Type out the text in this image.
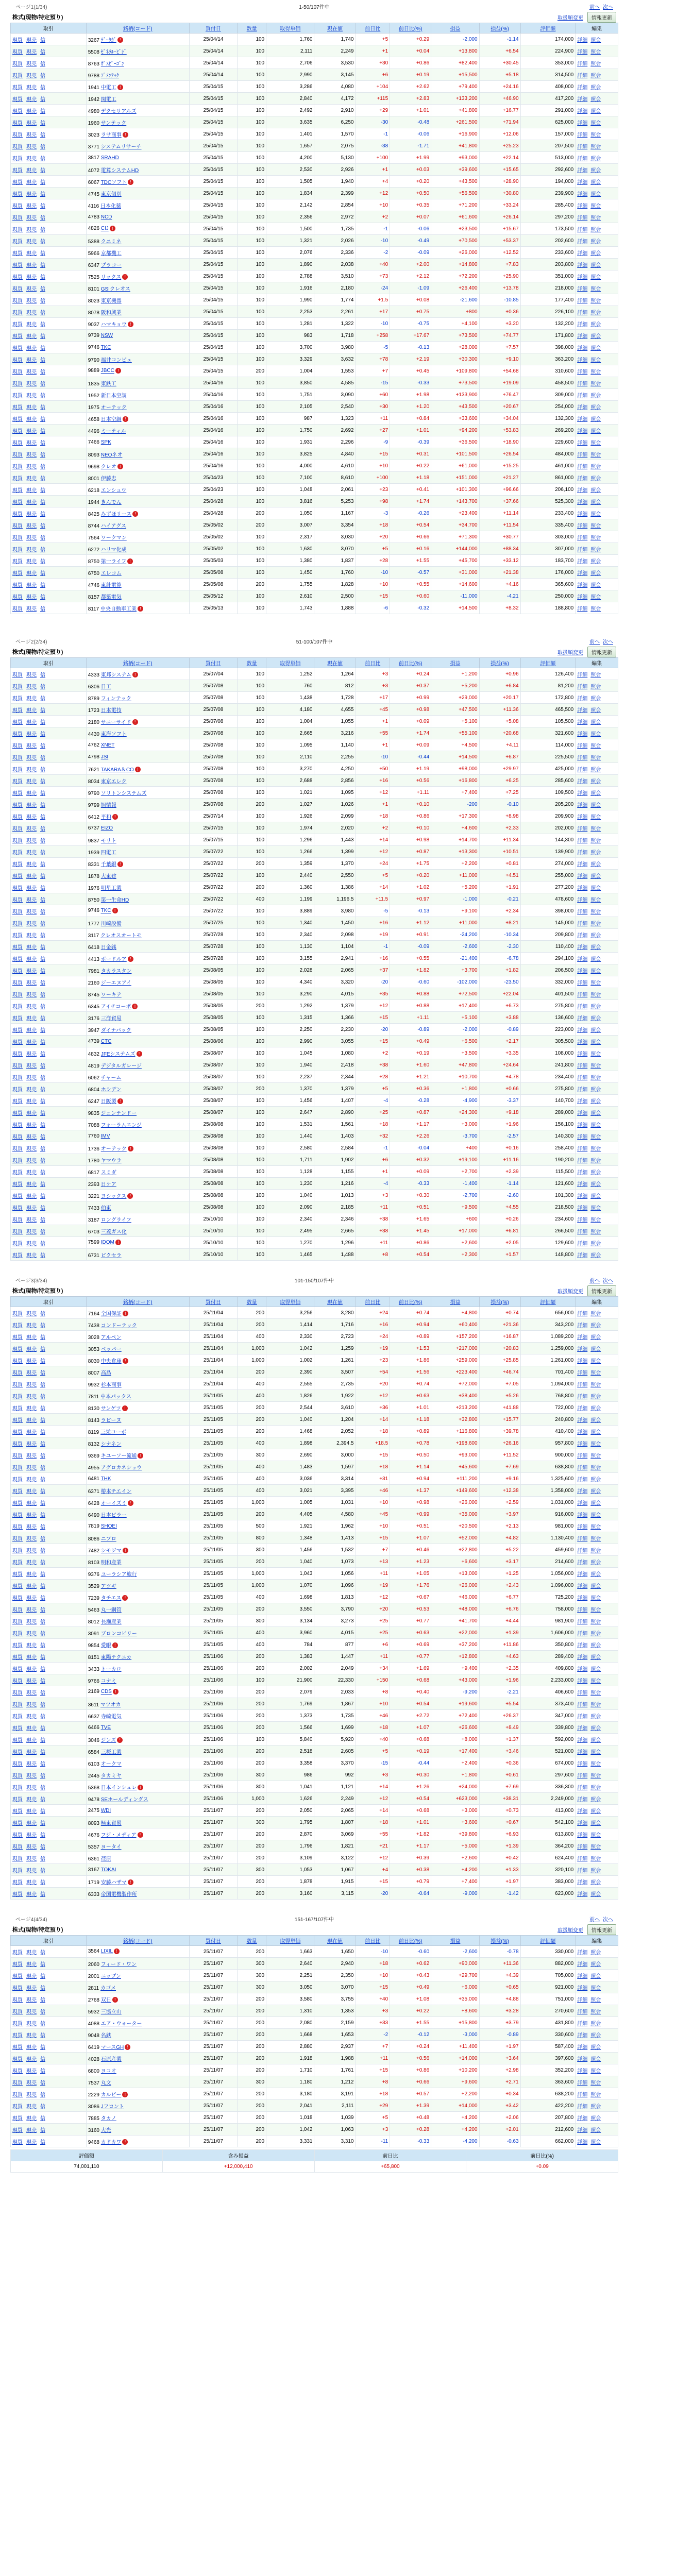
ページ1(1/34)	1-50/107件中	前へ 次へ
株式(現物/特定預り)	取扱順変更	情報更新
取引	銘柄(コード)	買付日	数量	取得単価	現在値	前日比	前日比(%)	損益	損益(%)	評価額	編集
現買 現売 信	3267 ﾃﾞｰﾀｶﾞ !	25/04/14	100	1,760	1,740	+5	+0.29	-2,000	-1.14	174,000	詳細 照会
現買 現売 信	5508 ｾﾞﾈﾗﾙ･ﾋﾞｼﾞ	25/04/14	100	2,111	2,249	+1	+0.04	+13,800	+6.54	224,900	詳細 照会
現買 現売 信	8763 ｶﾞｽﾋﾟｰｺﾞﾝ	25/04/14	100	2,706	3,530	+30	+0.86	+82,400	+30.45	353,000	詳細 照会
現買 現売 信	9788 ﾌﾟﾒﾝﾃｯｸ	25/04/14	100	2,990	3,145	+6	+0.19	+15,500	+5.18	314,500	詳細 照会
現買 現売 信	1941 中電工 !	25/04/15	100	3,286	4,080	+104	+2.62	+79,400	+24.16	408,000	詳細 照会
現買 現売 信	1942 関電工	25/04/15	100	2,840	4,172	+115	+2.83	+133,200	+46.90	417,200	詳細 照会
現買 現売 信	4980 デクセリアルズ	25/04/15	100	2,492	2,910	+29	+1.01	+41,800	+16.77	291,000	詳細 照会
現買 現売 信	1960 サンテック	25/04/15	100	3,635	6,250	-30	-0.48	+261,500	+71.94	625,000	詳細 照会
現買 現売 信	3023 ラサ商事 !	25/04/15	100	1,401	1,570	-1	-0.06	+16,900	+12.06	157,000	詳細 照会
現買 現売 信	3771 システムリサーチ	25/04/15	100	1,657	2,075	-38	-1.71	+41,800	+25.23	207,500	詳細 照会
現買 現売 信	3817 SRAHD	25/04/15	100	4,200	5,130	+100	+1.99	+93,000	+22.14	513,000	詳細 照会
現買 現売 信	4072 電算システムHD	25/04/15	100	2,530	2,926	+1	+0.03	+39,600	+15.65	292,600	詳細 照会
現買 現売 信	6067 TDCソフト !	25/04/15	100	1,505	1,940	+4	+0.20	+43,500	+28.90	194,000	詳細 照会
現買 現売 信	4745 東京個別	25/04/15	100	1,834	2,399	+12	+0.50	+56,500	+30.80	239,900	詳細 照会
現買 現売 信	4116 日本化薬	25/04/15	100	2,142	2,854	+10	+0.35	+71,200	+33.24	285,400	詳細 照会
現買 現売 信	4783 NCD	25/04/15	100	2,356	2,972	+2	+0.07	+61,600	+26.14	297,200	詳細 照会
現買 現売 信	4826 CIJ !	25/04/15	100	1,500	1,735	-1	-0.06	+23,500	+15.67	173,500	詳細 照会
現買 現売 信	5388 クニミネ	25/04/15	100	1,321	2,026	-10	-0.49	+70,500	+53.37	202,600	詳細 照会
現買 現売 信	5966 京都機工	25/04/15	100	2,076	2,336	-2	-0.09	+26,000	+12.52	233,600	詳細 照会
現買 現売 信	6347 プラコー	25/04/15	100	1,890	2,038	+40	+2.00	+14,800	+7.83	203,800	詳細 照会
現買 現売 信	7525 リックス !	25/04/15	100	2,788	3,510	+73	+2.12	+72,200	+25.90	351,000	詳細 照会
現買 現売 信	8101 GSIクレオス	25/04/15	100	1,916	2,180	-24	-1.09	+26,400	+13.78	218,000	詳細 照会
現買 現売 信	8023 東京機器	25/04/15	100	1,990	1,774	+1.5	+0.08	-21,600	-10.85	177,400	詳細 照会
現買 現売 信	8078 阪和興業	25/04/15	100	2,253	2,261	+17	+0.75	+800	+0.36	226,100	詳細 照会
現買 現売 信	9037 ハマキョウ !	25/04/15	100	1,281	1,322	-10	-0.75	+4,100	+3.20	132,200	詳細 照会
現買 現売 信	9739 NSW	25/04/15	100	983	1,718	+258	+17.67	+73,500	+74.77	171,800	詳細 照会
現買 現売 信	9746 TKC	25/04/15	100	3,700	3,980	-5	-0.13	+28,000	+7.57	398,000	詳細 照会
現買 現売 信	9790 福井コンピュ	25/04/15	100	3,329	3,632	+78	+2.19	+30,300	+9.10	363,200	詳細 照会
現買 現売 信	9889 JBCC !	25/04/15	200	1,004	1,553	+7	+0.45	+109,800	+54.68	310,600	詳細 照会
現買 現売 信	1835 東鉄工	25/04/16	100	3,850	4,585	-15	-0.33	+73,500	+19.09	458,500	詳細 照会
現買 現売 信	1952 新日本空調	25/04/16	100	1,751	3,090	+60	+1.98	+133,900	+76.47	309,000	詳細 照会
現買 現売 信	1975 オーテック	25/04/16	100	2,105	2,540	+30	+1.20	+43,500	+20.67	254,000	詳細 照会
現買 現売 信	4658 日本空調 !	25/04/16	100	987	1,323	+11	+0.84	+33,600	+34.04	132,300	詳細 照会
現買 現売 信	4496 ミーティル	25/04/16	100	1,750	2,692	+27	+1.01	+94,200	+53.83	269,200	詳細 照会
現買 現売 信	7466 SPK	25/04/16	100	1,931	2,296	-9	-0.39	+36,500	+18.90	229,600	詳細 照会
現買 現売 信	8093 NEOネオ	25/04/16	100	3,825	4,840	+15	+0.31	+101,500	+26.54	484,000	詳細 照会
現買 現売 信	9698 クレオ !	25/04/16	100	4,000	4,610	+10	+0.22	+61,000	+15.25	461,000	詳細 照会
現買 現売 信	8001 伊藤忠	25/04/23	100	7,100	8,610	+100	+1.18	+151,000	+21.27	861,000	詳細 照会
現買 現売 信	6218 エンシュウ	25/04/23	100	1,048	2,061	+23	+0.41	+101,300	+96.66	206,100	詳細 照会
現買 現売 信	1944 きんでん	25/04/28	100	3,816	5,253	+98	+1.74	+143,700	+37.66	525,300	詳細 照会
現買 現売 信	8425 みずほリース !	25/04/28	200	1,050	1,167	-3	-0.26	+23,400	+11.14	233,400	詳細 照会
現買 現売 信	8744 ハイアグス	25/05/02	200	3,007	3,354	+18	+0.54	+34,700	+11.54	335,400	詳細 照会
現買 現売 信	7564 ワークマン	25/05/02	100	2,317	3,030	+20	+0.66	+71,300	+30.77	303,000	詳細 照会
現買 現売 信	6272 ハリマ化成	25/05/02	100	1,630	3,070	+5	+0.16	+144,000	+88.34	307,000	詳細 照会
現買 現売 信	8750 第一ライフ !	25/05/03	100	1,380	1,837	+28	+1.55	+45,700	+33.12	183,700	詳細 照会
現買 現売 信	6750 エレコム	25/05/08	100	1,450	1,760	-10	-0.57	+31,000	+21.38	176,000	詳細 照会
現買 現売 信	4746 東計電算	25/05/08	200	1,755	1,828	+10	+0.55	+14,600	+4.16	365,600	詳細 照会
現買 現売 信	8157 都築電気	25/05/12	100	2,610	2,500	+15	+0.60	-11,000	-4.21	250,000	詳細 照会
現買 現売 信	8117 中央自動車工業 !	25/05/13	100	1,743	1,888	-6	-0.32	+14,500	+8.32	188,800	詳細 照会
ページ2(2/34)	51-100/107件中	前へ 次へ
株式(現物/特定預り)	取扱順変更	情報更新
取引	銘柄(コード)	買付日	数量	取得単価	現在値	前日比	前日比(%)	損益	損益(%)	評価額	編集
現買 現売 信	4333 東邦システム !	25/07/04	100	1,252	1,264	+3	+0.24	+1,200	+0.96	126,400	詳細 照会
現買 現売 信	6306 日工	25/07/08	100	760	812	+3	+0.37	+5,200	+6.84	81,200	詳細 照会
現買 現売 信	8789 フィンテック	25/07/08	100	1,438	1,728	+17	+0.99	+29,000	+20.17	172,800	詳細 照会
現買 現売 信	1723 日本電技	25/07/08	100	4,180	4,655	+45	+0.98	+47,500	+11.36	465,500	詳細 照会
現買 現売 信	2180 サニーサイド !	25/07/08	100	1,004	1,055	+1	+0.09	+5,100	+5.08	105,500	詳細 照会
現買 現売 信	4430 東海ソフト	25/07/08	100	2,665	3,216	+55	+1.74	+55,100	+20.68	321,600	詳細 照会
現買 現売 信	4762 XNET	25/07/08	100	1,095	1,140	+1	+0.09	+4,500	+4.11	114,000	詳細 照会
現買 現売 信	4798 JSI	25/07/08	100	2,110	2,255	-10	-0.44	+14,500	+6.87	225,500	詳細 照会
現買 現売 信	7621 TAKARA＆CO !	25/07/08	100	3,270	4,250	+50	+1.19	+98,000	+29.97	425,000	詳細 照会
現買 現売 信	8034 東京エレク	25/07/08	100	2,688	2,856	+16	+0.56	+16,800	+6.25	285,600	詳細 照会
現買 現売 信	9790 ソリトンシステムズ	25/07/08	100	1,021	1,095	+12	+1.11	+7,400	+7.25	109,500	詳細 照会
現買 現売 信	9799 旭情報	25/07/08	200	1,027	1,026	+1	+0.10	-200	-0.10	205,200	詳細 照会
現買 現売 信	6412 平和 !	25/07/14	100	1,926	2,099	+18	+0.86	+17,300	+8.98	209,900	詳細 照会
現買 現売 信	6737 EIZO	25/07/15	100	1,974	2,020	+2	+0.10	+4,600	+2.33	202,000	詳細 照会
現買 現売 信	9837 モリト	25/07/15	100	1,296	1,443	+14	+0.98	+14,700	+11.34	144,300	詳細 照会
現買 現売 信	1939 四電工	25/07/22	100	1,266	1,399	+12	+0.87	+13,300	+10.51	139,900	詳細 照会
現買 現売 信	8331 千葉銀 !	25/07/22	200	1,359	1,370	+24	+1.75	+2,200	+0.81	274,000	詳細 照会
現買 現売 信	1878 大東建	25/07/22	100	2,440	2,550	+5	+0.20	+11,000	+4.51	255,000	詳細 照会
現買 現売 信	1976 明星工業	25/07/22	200	1,360	1,386	+14	+1.02	+5,200	+1.91	277,200	詳細 照会
現買 現売 信	8750 第一生命HD	25/07/22	400	1,199	1,196.5	+11.5	+0.97	-1,000	-0.21	478,600	詳細 照会
現買 現売 信	9746 TKC !	25/07/22	100	3,889	3,980	-5	-0.13	+9,100	+2.34	398,000	詳細 照会
現買 現売 信	1777 川崎設備	25/07/25	100	1,340	1,450	+16	+1.12	+11,000	+8.21	145,000	詳細 照会
現買 現売 信	3117 クレオスオートモ	25/07/28	100	2,340	2,098	+19	+0.91	-24,200	-10.34	209,800	詳細 照会
現買 現売 信	6418 日金銭	25/07/28	100	1,130	1,104	-1	-0.09	-2,600	-2.30	110,400	詳細 照会
現買 現売 信	4413 ボードルア !	25/07/28	100	3,155	2,941	+16	+0.55	-21,400	-6.78	294,100	詳細 照会
現買 現売 信	7981 タカラスタン	25/08/05	100	2,028	2,065	+37	+1.82	+3,700	+1.82	206,500	詳細 照会
現買 現売 信	2160 ジーエヌアイ	25/08/05	100	4,340	3,320	-20	-0.60	-102,000	-23.50	332,000	詳細 照会
現買 現売 信	8745 ワーキテ	25/08/05	100	3,290	4,015	+35	+0.88	+72,500	+22.04	401,500	詳細 照会
現買 現売 信	6345 アイチコーポ !	25/08/05	200	1,292	1,379	+12	+0.88	+17,400	+6.73	275,800	詳細 照会
現買 現売 信	3176 三洋貿易	25/08/05	100	1,315	1,366	+15	+1.11	+5,100	+3.88	136,600	詳細 照会
現買 現売 信	3947 ダイナパック	25/08/05	100	2,250	2,230	-20	-0.89	-2,000	-0.89	223,000	詳細 照会
現買 現売 信	4739 CTC	25/08/06	100	2,990	3,055	+15	+0.49	+6,500	+2.17	305,500	詳細 照会
現買 現売 信	4832 JFEシステムズ !	25/08/07	100	1,045	1,080	+2	+0.19	+3,500	+3.35	108,000	詳細 照会
現買 現売 信	4819 デジタルガレージ	25/08/07	100	1,940	2,418	+38	+1.60	+47,800	+24.64	241,800	詳細 照会
現買 現売 信	6062 チャーム	25/08/07	100	2,237	2,344	+28	+1.21	+10,700	+4.78	234,400	詳細 照会
現買 現売 信	6804 ホシデン	25/08/07	200	1,370	1,379	+5	+0.36	+1,800	+0.66	275,800	詳細 照会
現買 現売 信	6247 日阪製 !	25/08/07	100	1,456	1,407	-4	-0.28	-4,900	-3.37	140,700	詳細 照会
現買 現売 信	9835 ジュンテンドー	25/08/07	100	2,647	2,890	+25	+0.87	+24,300	+9.18	289,000	詳細 照会
現買 現売 信	7088 フォーラムエンジ	25/08/08	100	1,531	1,561	+18	+1.17	+3,000	+1.96	156,100	詳細 照会
現買 現売 信	7760 IMV	25/08/08	100	1,440	1,403	+32	+2.26	-3,700	-2.57	140,300	詳細 照会
現買 現売 信	1736 オーテック !	25/08/08	100	2,580	2,584	-1	-0.04	+400	+0.16	258,400	詳細 照会
現買 現売 信	1780 ヤマウラ	25/08/08	100	1,711	1,902	+6	+0.32	+19,100	+11.16	190,200	詳細 照会
現買 現売 信	6817 スミダ	25/08/08	100	1,128	1,155	+1	+0.09	+2,700	+2.39	115,500	詳細 照会
現買 現売 信	2393 日ケア	25/08/08	100	1,230	1,216	-4	-0.33	-1,400	-1.14	121,600	詳細 照会
現買 現売 信	3221 ヨシックス !	25/08/08	100	1,040	1,013	+3	+0.30	-2,700	-2.60	101,300	詳細 照会
現買 現売 信	7433 伯東	25/08/08	100	2,090	2,185	+11	+0.51	+9,500	+4.55	218,500	詳細 照会
現買 現売 信	3187 ロングライフ	25/10/10	100	2,340	2,346	+38	+1.65	+600	+0.26	234,600	詳細 照会
現買 現売 信	6703 三菱ガス化	25/10/10	100	2,495	2,665	+38	+1.45	+17,000	+6.81	266,500	詳細 照会
現買 現売 信	7599 IDOM !	25/10/10	100	1,270	1,296	+11	+0.86	+2,600	+2.05	129,600	詳細 照会
現買 現売 信	6731 ピクセラ	25/10/10	100	1,465	1,488	+8	+0.54	+2,300	+1.57	148,800	詳細 照会
ページ3(3/34)	101-150/107件中	前へ 次へ
株式(現物/特定預り)	取扱順変更	情報更新
取引	銘柄(コード)	買付日	数量	取得単価	現在値	前日比	前日比(%)	損益	損益(%)	評価額	編集
現買 現売 信	7164 全国保証 !	25/11/04	200	3,256	3,280	+24	+0.74	+4,800	+0.74	656,000	詳細 照会
現買 現売 信	7438 コンドーテック	25/11/04	200	1,414	1,716	+16	+0.94	+60,400	+21.36	343,200	詳細 照会
現買 現売 信	3028 アルペン	25/11/04	400	2,330	2,723	+24	+0.89	+157,200	+16.87	1,089,200	詳細 照会
現買 現売 信	3053 ペッパー	25/11/04	1,000	1,042	1,259	+19	+1.53	+217,000	+20.83	1,259,000	詳細 照会
現買 現売 信	8030 中央倉庫 !	25/11/04	1,000	1,002	1,261	+23	+1.86	+259,000	+25.85	1,261,000	詳細 照会
現買 現売 信	8007 高島	25/11/04	200	2,390	3,507	+54	+1.56	+223,400	+46.74	701,400	詳細 照会
現買 現売 信	9932 杉本商事	25/11/04	400	2,555	2,735	+20	+0.74	+72,000	+7.05	1,094,000	詳細 照会
現買 現売 信	7811 中本パックス	25/11/05	400	1,826	1,922	+12	+0.63	+38,400	+5.26	768,800	詳細 照会
現買 現売 信	8130 サンゲツ !	25/11/05	200	2,544	3,610	+36	+1.01	+213,200	+41.88	722,000	詳細 照会
現買 現売 信	8143 ラピーヌ	25/11/05	200	1,040	1,204	+14	+1.18	+32,800	+15.77	240,800	詳細 照会
現買 現売 信	8119 三栄コーポ	25/11/05	200	1,468	2,052	+18	+0.89	+116,800	+39.78	410,400	詳細 照会
現買 現売 信	8132 シナネン	25/11/05	400	1,898	2,394.5	+18.5	+0.78	+198,600	+26.16	957,800	詳細 照会
現買 現売 信	9369 キユーソー流通 !	25/11/05	300	2,690	3,000	+15	+0.50	+93,000	+11.52	900,000	詳細 照会
現買 現売 信	4955 アグロカネショウ	25/11/05	400	1,483	1,597	+18	+1.14	+45,600	+7.69	638,800	詳細 照会
現買 現売 信	6481 THK	25/11/05	400	3,036	3,314	+31	+0.94	+111,200	+9.16	1,325,600	詳細 照会
現買 現売 信	6371 椿本チエイン	25/11/05	400	3,021	3,395	+46	+1.37	+149,600	+12.38	1,358,000	詳細 照会
現買 現売 信	6428 オーイズミ !	25/11/05	1,000	1,005	1,031	+10	+0.98	+26,000	+2.59	1,031,000	詳細 照会
現買 現売 信	6490 日本ピラー	25/11/05	200	4,405	4,580	+45	+0.99	+35,000	+3.97	916,000	詳細 照会
現買 現売 信	7819 SHOEI	25/11/05	500	1,921	1,962	+10	+0.51	+20,500	+2.13	981,000	詳細 照会
現買 現売 信	8086 ニプロ	25/11/05	800	1,348	1,413	+15	+1.07	+52,000	+4.82	1,130,400	詳細 照会
現買 現売 信	7482 シモジマ !	25/11/05	300	1,456	1,532	+7	+0.46	+22,800	+5.22	459,600	詳細 照会
現買 現売 信	8103 明和産業	25/11/05	200	1,040	1,073	+13	+1.23	+6,600	+3.17	214,600	詳細 照会
現買 現売 信	9376 ユーラシア旅行	25/11/05	1,000	1,043	1,056	+11	+1.05	+13,000	+1.25	1,056,000	詳細 照会
現買 現売 信	3529 アツギ	25/11/05	1,000	1,070	1,096	+19	+1.76	+26,000	+2.43	1,096,000	詳細 照会
現買 現売 信	7239 タチエス !	25/11/05	400	1,698	1,813	+12	+0.67	+46,000	+6.77	725,200	詳細 照会
現買 現売 信	5463 丸一鋼管	25/11/05	200	3,550	3,790	+20	+0.53	+48,000	+6.76	758,000	詳細 照会
現買 現売 信	8012 長瀬産業	25/11/05	300	3,134	3,273	+25	+0.77	+41,700	+4.44	981,900	詳細 照会
現買 現売 信	3091 ブロンコビリー	25/11/05	400	3,960	4,015	+25	+0.63	+22,000	+1.39	1,606,000	詳細 照会
現買 現売 信	9854 愛眼 !	25/11/05	400	784	877	+6	+0.69	+37,200	+11.86	350,800	詳細 照会
現買 現売 信	8151 東陽テクニカ	25/11/06	200	1,383	1,447	+11	+0.77	+12,800	+4.63	289,400	詳細 照会
現買 現売 信	3433 トーカロ	25/11/06	200	2,002	2,049	+34	+1.69	+9,400	+2.35	409,800	詳細 照会
現買 現売 信	9766 コナミ	25/11/06	100	21,900	22,330	+150	+0.68	+43,000	+1.96	2,233,000	詳細 照会
現買 現売 信	2169 CDS !	25/11/06	200	2,079	2,033	+8	+0.40	-9,200	-2.21	406,600	詳細 照会
現買 現売 信	3611 マツオカ	25/11/06	200	1,769	1,867	+10	+0.54	+19,600	+5.54	373,400	詳細 照会
現買 現売 信	6637 寺崎電気	25/11/06	200	1,373	1,735	+46	+2.72	+72,400	+26.37	347,000	詳細 照会
現買 現売 信	6466 TVE	25/11/06	200	1,566	1,699	+18	+1.07	+26,600	+8.49	339,800	詳細 照会
現買 現売 信	3046 ジンズ !	25/11/06	100	5,840	5,920	+40	+0.68	+8,000	+1.37	592,000	詳細 照会
現買 現売 信	6584 三桜工業	25/11/06	200	2,518	2,605	+5	+0.19	+17,400	+3.46	521,000	詳細 照会
現買 現売 信	6103 オークマ	25/11/06	200	3,358	3,370	-15	-0.44	+2,400	+0.36	674,000	詳細 照会
現買 現売 信	2445 タカミヤ	25/11/06	300	986	992	+3	+0.30	+1,800	+0.61	297,600	詳細 照会
現買 現売 信	5368 日本インシュレ !	25/11/06	300	1,041	1,121	+14	+1.26	+24,000	+7.69	336,300	詳細 照会
現買 現売 信	9478 SEホールディングス	25/11/06	1,000	1,626	2,249	+12	+0.54	+623,000	+38.31	2,249,000	詳細 照会
現買 現売 信	2475 WDI	25/11/07	200	2,050	2,065	+14	+0.68	+3,000	+0.73	413,000	詳細 照会
現買 現売 信	8093 極東貿易	25/11/07	300	1,795	1,807	+18	+1.01	+3,600	+0.67	542,100	詳細 照会
現買 現売 信	4676 フジ・メディア !	25/11/07	200	2,870	3,069	+55	+1.82	+39,800	+6.93	613,800	詳細 照会
現買 現売 信	5357 ヨータイ	25/11/07	200	1,796	1,821	+21	+1.17	+5,000	+1.39	364,200	詳細 照会
現買 現売 信	6361 荏原	25/11/07	200	3,109	3,122	+12	+0.39	+2,600	+0.42	624,400	詳細 照会
現買 現売 信	3167 TOKAI	25/11/07	300	1,053	1,067	+4	+0.38	+4,200	+1.33	320,100	詳細 照会
現買 現売 信	1719 安藤ハザマ !	25/11/07	200	1,878	1,915	+15	+0.79	+7,400	+1.97	383,000	詳細 照会
現買 現売 信	6333 帝国電機製作所	25/11/07	200	3,160	3,115	-20	-0.64	-9,000	-1.42	623,000	詳細 照会
ページ4(4/34)	151-167/107件中	前へ 次へ
株式(現物/特定預り)	取扱順変更	情報更新
取引	銘柄(コード)	買付日	数量	取得単価	現在値	前日比	前日比(%)	損益	損益(%)	評価額	編集
現買 現売 信	3564 LIXIL !	25/11/07	200	1,663	1,650	-10	-0.60	-2,600	-0.78	330,000	詳細 照会
現買 現売 信	2060 フィード・ワン	25/11/07	300	2,640	2,940	+18	+0.62	+90,000	+11.36	882,000	詳細 照会
現買 現売 信	2001 ニップン	25/11/07	300	2,251	2,350	+10	+0.43	+29,700	+4.39	705,000	詳細 照会
現買 現売 信	2811 カゴメ	25/11/07	300	3,050	3,070	+15	+0.49	+6,000	+0.65	921,000	詳細 照会
現買 現売 信	2768 双日 !	25/11/07	200	3,580	3,755	+40	+1.08	+35,000	+4.88	751,000	詳細 照会
現買 現売 信	5932 三協立山	25/11/07	200	1,310	1,353	+3	+0.22	+8,600	+3.28	270,600	詳細 照会
現買 現売 信	4088 エア・ウォーター	25/11/07	200	2,080	2,159	+33	+1.55	+15,800	+3.79	431,800	詳細 照会
現買 現売 信	9048 名鉄	25/11/07	200	1,668	1,653	-2	-0.12	-3,000	-0.89	330,600	詳細 照会
現買 現売 信	6419 マースGH !	25/11/07	200	2,880	2,937	+7	+0.24	+11,400	+1.97	587,400	詳細 照会
現買 現売 信	4028 石原産業	25/11/07	200	1,918	1,988	+11	+0.56	+14,000	+3.64	397,600	詳細 照会
現買 現売 信	6800 ヨコオ	25/11/07	200	1,710	1,761	+15	+0.86	+10,200	+2.98	352,200	詳細 照会
現買 現売 信	7537 丸文	25/11/07	300	1,180	1,212	+8	+0.66	+9,600	+2.71	363,600	詳細 照会
現買 現売 信	2229 カルビー !	25/11/07	200	3,180	3,191	+18	+0.57	+2,200	+0.34	638,200	詳細 照会
現買 現売 信	3086 Jフロント	25/11/07	200	2,041	2,111	+29	+1.39	+14,000	+3.42	422,200	詳細 照会
現買 現売 信	7885 タカノ	25/11/07	200	1,018	1,039	+5	+0.48	+4,200	+2.06	207,800	詳細 照会
現買 現売 信	3160 大光	25/11/07	200	1,042	1,063	+3	+0.28	+4,200	+2.01	212,600	詳細 照会
現買 現売 信	9468 カドカワ !	25/11/07	200	3,331	3,310	-11	-0.33	-4,200	-0.63	662,000	詳細 照会
評価額	含み損益	前日比	前日比(%)
74,001,110	+12,000,410	+65,800	+0.09
